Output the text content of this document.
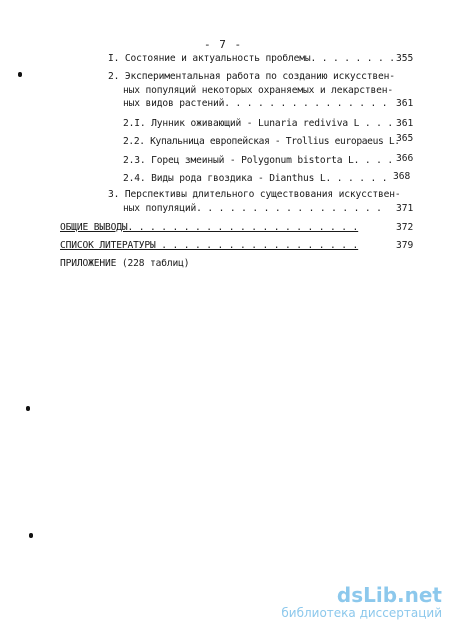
- 7 -
I. Состояние и актуальность проблемы. . . . . . . . 355
2. Экспериментальная работа по созданию искусствен-
ных популяций некоторых охраняемых и лекарствен-
ных видов растений. . . . . . . . . . . . . . . 361
2.I. Лунник оживающий - Lunaria rediviva L . . . 361
2.2. Купальница европейская - Trollius europaeus L.
365
2.3. Горец змеиный - Polygonum bistorta L. . . . 366
2.4. Виды рода гвоздика - Dianthus L. . . . . . 368
3. Перспективы длительного существования искусствен-
ных популяций. . . . . . . . . . . . . . . . . 371
ОБЩИЕ ВЫВОДЫ. . . . . . . . . . . . . . . . . . . . .	372
СПИСОК ЛИТЕРАТУРЫ . . . . . . . . . . . . . . . . . .	379
ПРИЛОЖЕНИЕ (228 таблиц)
dsLib.net
библиотека диссертаций
